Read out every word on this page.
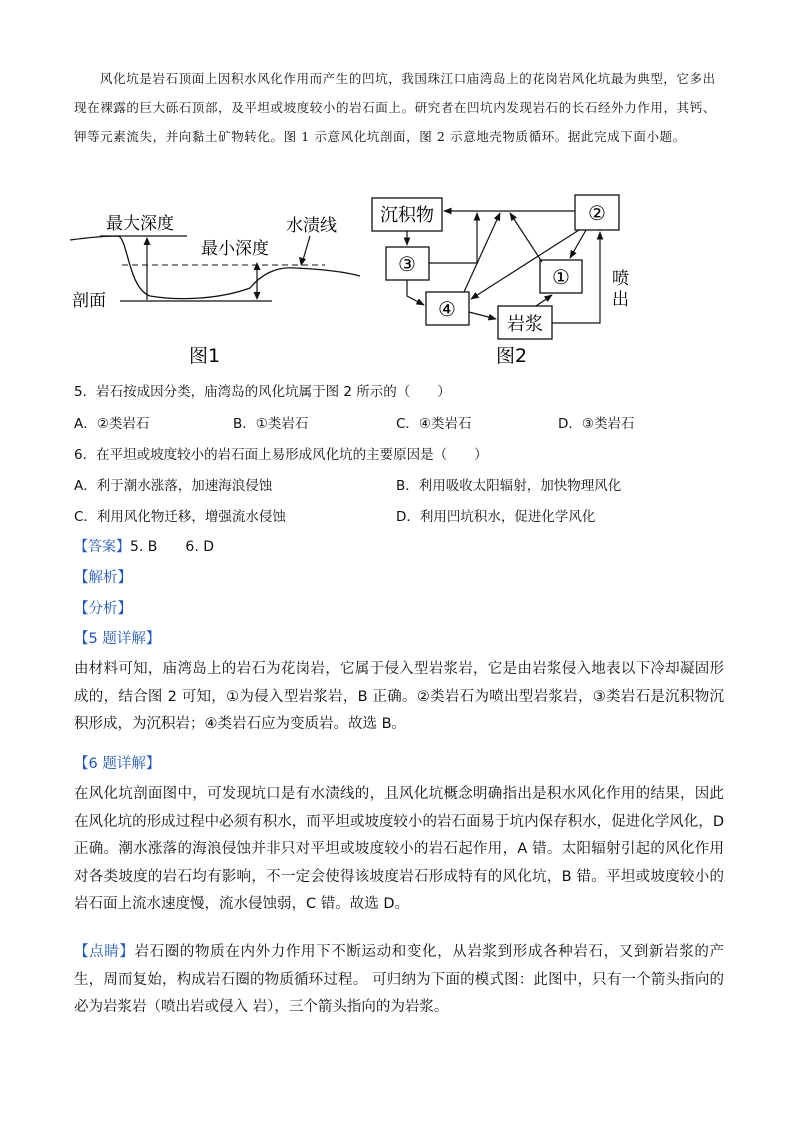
风化坑是岩石顶面上因积水风化作用而产生的凹坑，我国珠江口庙湾岛上的花岗岩风化坑最为典型，它多出现在裸露的巨大砾石顶部，及平坦或坡度较小的岩石面上。研究者在凹坑内发现岩石的长石经外力作用，其钙、钾等元素流失，并向黏土矿物转化。图 1 示意风化坑剖面，图 2 示意地壳物质循环。据此完成下面小题。
最大深度	水渍线
最小深度
剖面
图1
沉积物	②
③
①
④
岩浆
喷
出
图2
5．岩石按成因分类，庙湾岛的风化坑属于图 2 所示的（　　）
A．②类岩石	B．①类岩石	C．④类岩石	D．③类岩石
6．在平坦或坡度较小的岩石面上易形成风化坑的主要原因是（　　）
A．利于潮水涨落，加速海浪侵蚀	B．利用吸收太阳辐射，加快物理风化
C．利用风化物迁移，增强流水侵蚀	D．利用凹坑积水，促进化学风化
【答案】5. B　　6. D
【解析】
【分析】
【5 题详解】
由材料可知，庙湾岛上的岩石为花岗岩，它属于侵入型岩浆岩，它是由岩浆侵入地表以下冷却凝固形成的，结合图 2 可知，①为侵入型岩浆岩，B 正确。②类岩石为喷出型岩浆岩，③类岩石是沉积物沉积形成，为沉积岩；④类岩石应为变质岩。故选 B。
【6 题详解】
在风化坑剖面图中，可发现坑口是有水渍线的，且风化坑概念明确指出是积水风化作用的结果，因此在风化坑的形成过程中必须有积水，而平坦或坡度较小的岩石面易于坑内保存积水，促进化学风化，D 正确。潮水涨落的海浪侵蚀并非只对平坦或坡度较小的岩石起作用，A 错。太阳辐射引起的风化作用对各类坡度的岩石均有影响，不一定会使得该坡度岩石形成特有的风化坑，B 错。平坦或坡度较小的岩石面上流水速度慢，流水侵蚀弱，C 错。故选 D。
【点睛】岩石圈的物质在内外力作用下不断运动和变化，从岩浆到形成各种岩石，又到新岩浆的产生，周而复始，构成岩石圈的物质循环过程。 可归纳为下面的模式图：此图中，只有一个箭头指向的必为岩浆岩（喷出岩或侵入 岩），三个箭头指向的为岩浆。
